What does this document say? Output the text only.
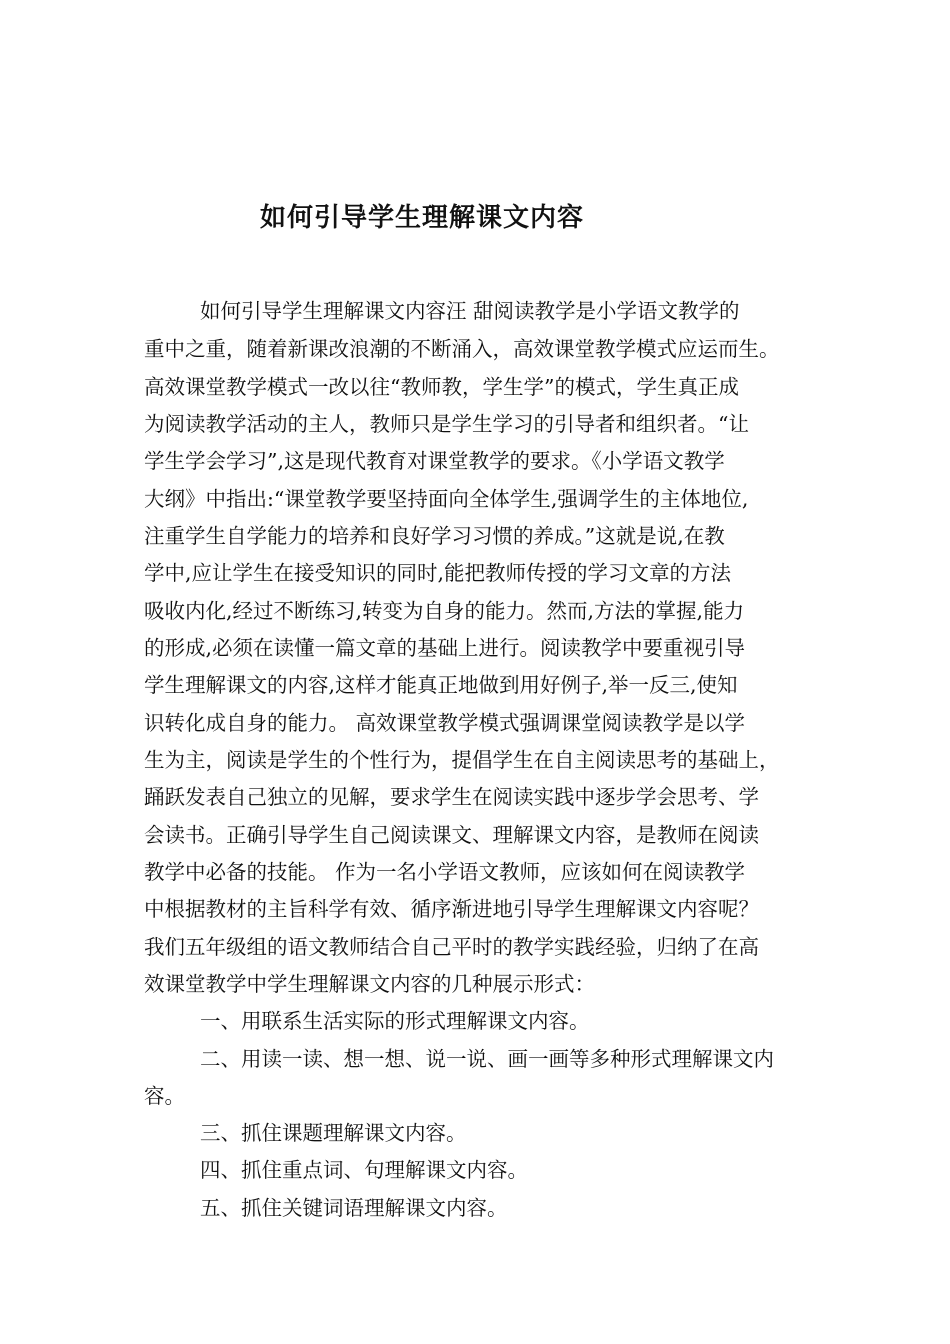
如何引导学生理解课文内容
如何引导学生理解课文内容汪 甜阅读教学是小学语文教学的
重中之重，随着新课改浪潮的不断涌入，高效课堂教学模式应运而生。
高效课堂教学模式一改以往“教师教，学生学”的模式，学生真正成
为阅读教学活动的主人，教师只是学生学习的引导者和组织者。“让
学生学会学习”,这是现代教育对课堂教学的要求。《小学语文教学
大纲》中指出:“课堂教学要坚持面向全体学生,强调学生的主体地位,
注重学生自学能力的培养和良好学习习惯的养成。”这就是说,在教
学中,应让学生在接受知识的同时,能把教师传授的学习文章的方法
吸收内化,经过不断练习,转变为自身的能力。然而,方法的掌握,能力
的形成,必须在读懂一篇文章的基础上进行。阅读教学中要重视引导
学生理解课文的内容,这样才能真正地做到用好例子,举一反三,使知
识转化成自身的能力。 高效课堂教学模式强调课堂阅读教学是以学
生为主，阅读是学生的个性行为，提倡学生在自主阅读思考的基础上，
踊跃发表自己独立的见解，要求学生在阅读实践中逐步学会思考、学
会读书。正确引导学生自己阅读课文、理解课文内容，是教师在阅读
教学中必备的技能。 作为一名小学语文教师，应该如何在阅读教学
中根据教材的主旨科学有效、循序渐进地引导学生理解课文内容呢？
我们五年级组的语文教师结合自己平时的教学实践经验，归纳了在高
效课堂教学中学生理解课文内容的几种展示形式：
一、用联系生活实际的形式理解课文内容。
二、用读一读、想一想、说一说、画一画等多种形式理解课文内
容。
三、抓住课题理解课文内容。
四、抓住重点词、句理解课文内容。
五、抓住关键词语理解课文内容。
